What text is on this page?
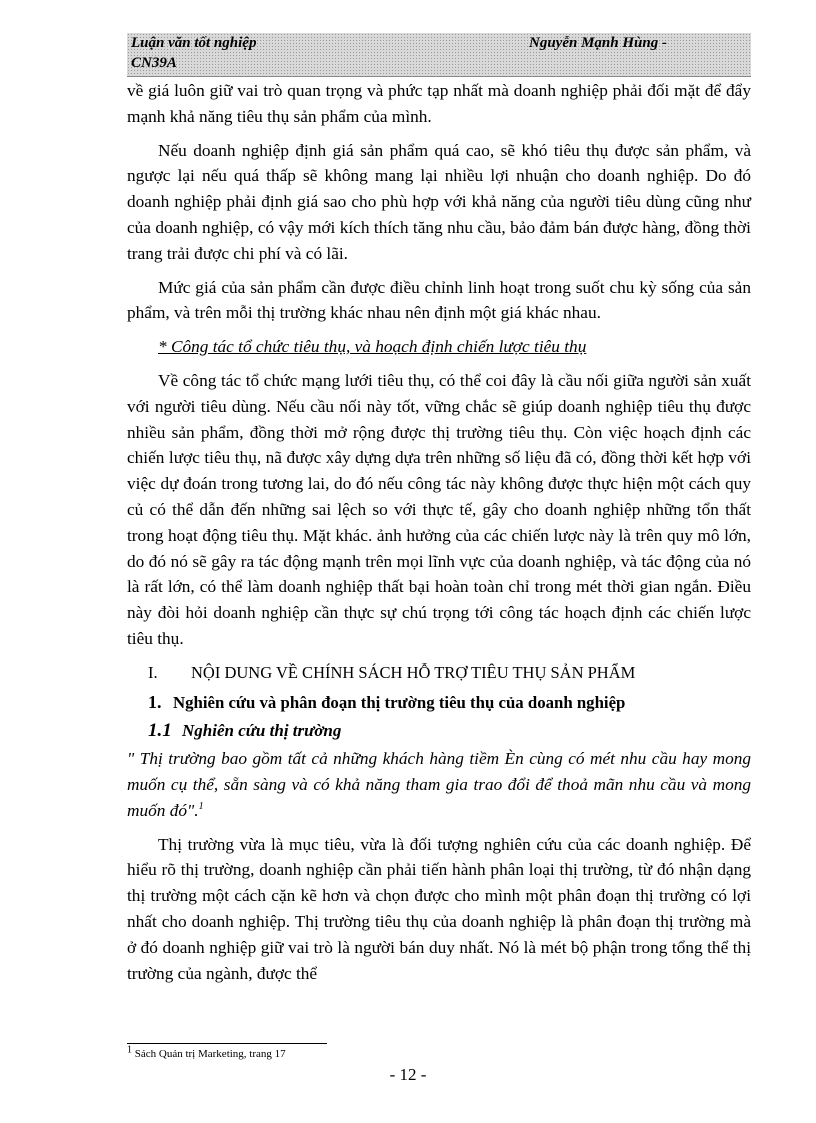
Luận văn tốt nghiệp	Nguyễn Mạnh Hùng -
CN39A

về giá luôn giữ vai trò quan trọng và phức tạp nhất mà doanh nghiệp phải đối mặt để đẩy mạnh khả năng tiêu thụ sản phẩm của mình.

Nếu doanh nghiệp định giá sản phẩm quá cao, sẽ khó tiêu thụ được sản phẩm, và ngược lại nếu quá thấp sẽ không mang lại nhiều lợi nhuận cho doanh nghiệp. Do đó doanh nghiệp phải định giá sao cho phù hợp với khả năng của người tiêu dùng cũng như của doanh nghiệp, có vậy mới kích thích tăng nhu cầu, bảo đảm bán được hàng, đồng thời trang trải được chi phí và có lãi.

Mức giá của sản phẩm cần được điều chỉnh linh hoạt trong suốt chu kỳ sống của sản phẩm, và trên mỗi thị trường khác nhau nên định một giá khác nhau.

* Công tác tổ chức tiêu thụ, và hoạch định chiến lược tiêu thụ

Về công tác tổ chức mạng lưới tiêu thụ, có thể coi đây là cầu nối giữa người sản xuất với người tiêu dùng. Nếu cầu nối này tốt, vững chắc sẽ giúp doanh nghiệp tiêu thụ được nhiều sản phẩm, đồng thời mở rộng được thị trường tiêu thụ. Còn việc hoạch định các chiến lược tiêu thụ, nã được xây dựng dựa trên những số liệu đã có, đồng thời kết hợp với việc dự đoán trong tương lai, do đó nếu công tác này không được thực hiện một cách quy củ có thể dẫn đến những sai lệch so với thực tế, gây cho doanh nghiệp những tổn thất trong hoạt động tiêu thụ. Mặt khác. ảnh hưởng của các chiến lược này là trên quy mô lớn, do đó nó sẽ gây ra tác động mạnh trên mọi lĩnh vực của doanh nghiệp, và tác động của nó là rất lớn, có thể làm doanh nghiệp thất bại hoàn toàn chỉ trong mét thời gian ngắn. Điều này đòi hỏi doanh nghiệp cần thực sự chú trọng tới công tác hoạch định các chiến lược tiêu thụ.

I.	NỘI DUNG VỀ CHÍNH SÁCH HỖ TRỢ TIÊU THỤ SẢN PHẨM
1. Nghiên cứu và phân đoạn thị trường tiêu thụ của doanh nghiệp
1.1 Nghiên cứu thị trường
" Thị trường bao gồm tất cả những khách hàng tiềm Èn cùng có mét nhu cầu hay mong muốn cụ thể, sẵn sàng và có khả năng tham gia trao đổi để thoả mãn nhu cầu và mong muốn đó".$^1$

Thị trường vừa là mục tiêu, vừa là đối tượng nghiên cứu của các doanh nghiệp. Để hiểu rõ thị trường, doanh nghiệp cần phải tiến hành phân loại thị trường, từ đó nhận dạng thị trường một cách cặn kẽ hơn và chọn được cho mình một phân đoạn thị trường có lợi nhất cho doanh nghiệp. Thị trường tiêu thụ của doanh nghiệp là phân đoạn thị trường mà ở đó doanh nghiệp giữ vai trò là người bán duy nhất. Nó là mét bộ phận trong tổng thể thị trường của ngành, được thể

1 Sách Quản trị Marketing, trang 17
- 12 -
